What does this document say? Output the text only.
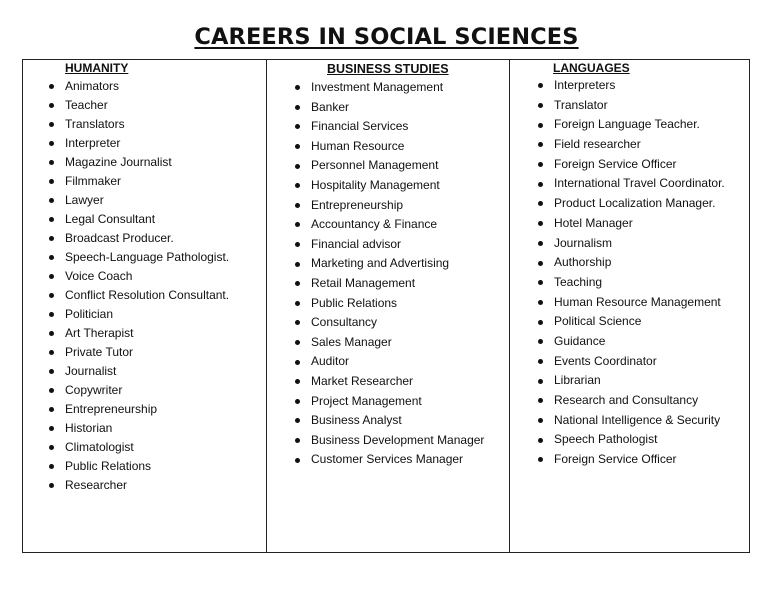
CAREERS IN SOCIAL SCIENCES
HUMANITY
Animators
Teacher
Translators
Interpreter
Magazine Journalist
Filmmaker
Lawyer
Legal Consultant
Broadcast Producer.
Speech-Language Pathologist.
Voice Coach
Conflict Resolution Consultant.
Politician
Art Therapist
Private Tutor
Journalist
Copywriter
Entrepreneurship
Historian
Climatologist
Public Relations
Researcher
BUSINESS STUDIES
Investment Management
Banker
Financial Services
Human Resource
Personnel Management
Hospitality Management
Entrepreneurship
Accountancy & Finance
Financial advisor
Marketing and Advertising
Retail Management
Public Relations
Consultancy
Sales Manager
Auditor
Market Researcher
Project Management
Business Analyst
Business Development Manager
Customer Services Manager
LANGUAGES
Interpreters
Translator
Foreign Language Teacher.
Field researcher
Foreign Service Officer
International Travel Coordinator.
Product Localization Manager.
Hotel Manager
Journalism
Authorship
Teaching
Human Resource Management
Political Science
Guidance
Events Coordinator
Librarian
Research and Consultancy
National Intelligence & Security
Speech Pathologist
Foreign Service Officer
